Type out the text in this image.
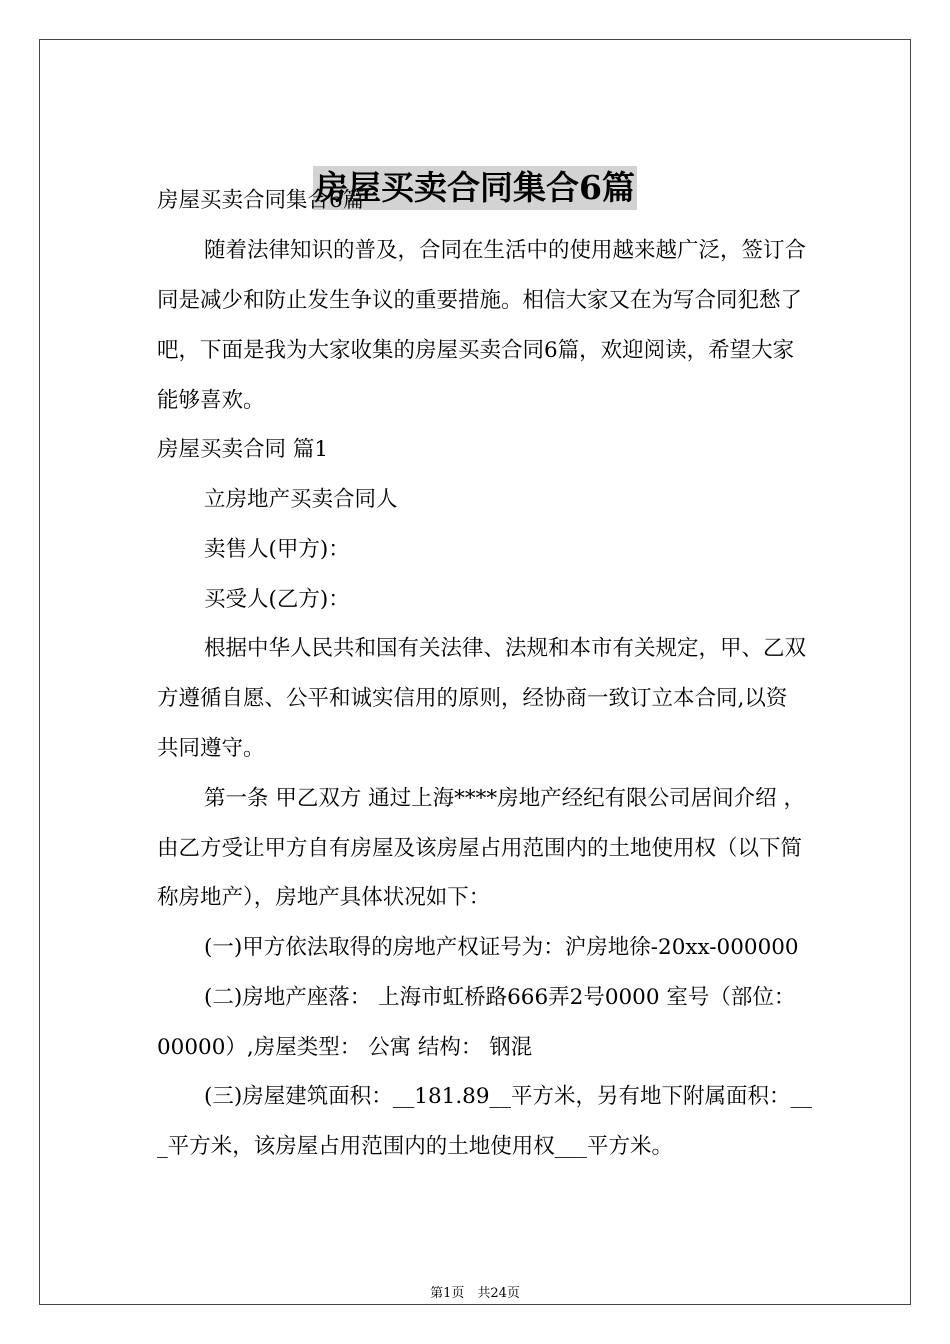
房屋买卖合同集合6篇
房屋买卖合同集合6篇
随着法律知识的普及，合同在生活中的使用越来越广泛，签订合
同是减少和防止发生争议的重要措施。相信大家又在为写合同犯愁了
吧，下面是我为大家收集的房屋买卖合同6篇，欢迎阅读，希望大家
能够喜欢。
房屋买卖合同 篇1
立房地产买卖合同人
卖售人(甲方)：
买受人(乙方)：
根据中华人民共和国有关法律、法规和本市有关规定，甲、乙双
方遵循自愿、公平和诚实信用的原则，经协商一致订立本合同,以资
共同遵守。
第一条 甲乙双方 通过上海****房地产经纪有限公司居间介绍 ，
由乙方受让甲方自有房屋及该房屋占用范围内的土地使用权（以下简
称房地产），房地产具体状况如下：
(一)甲方依法取得的房地产权证号为：沪房地徐-20xx-000000
(二)房地产座落： 上海市虹桥路666弄2号0000 室号（部位：
00000）,房屋类型： 公寓 结构： 钢混
(三)房屋建筑面积：__181.89__平方米，另有地下附属面积：__
_平方米，该房屋占用范围内的土地使用权___平方米。
第1页　共24页
